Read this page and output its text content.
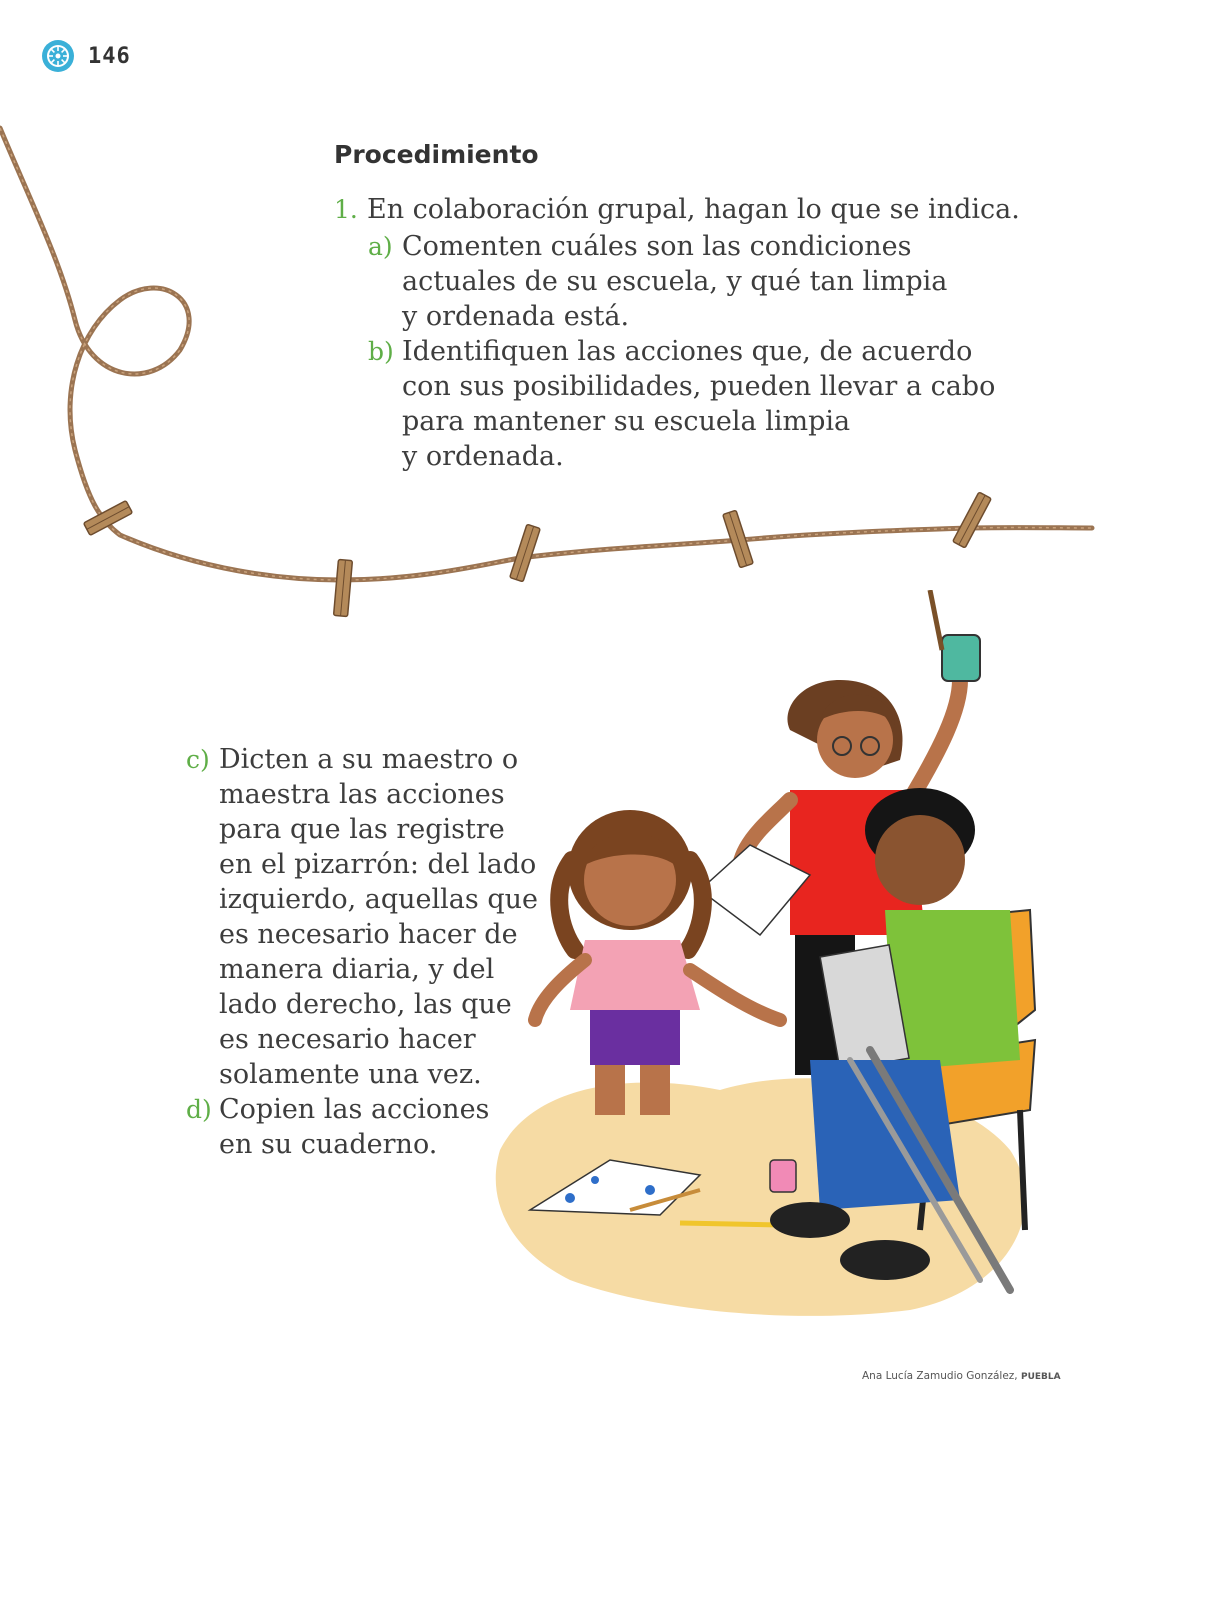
146
Procedimiento
1. En colaboración grupal, hagan lo que se indica.
a) Comenten cuáles son las condiciones
actuales de su escuela, y qué tan limpia
y ordenada está.
b) Identifiquen las acciones que, de acuerdo
con sus posibilidades, pueden llevar a cabo
para mantener su escuela limpia
y ordenada.
c) Dicten a su maestro o
maestra las acciones
para que las registre
en el pizarrón: del lado
izquierdo, aquellas que
es necesario hacer de
manera diaria, y del
lado derecho, las que
es necesario hacer
solamente una vez.
d) Copien las acciones
en su cuaderno.
Ana Lucía Zamudio González, PUEBLA
